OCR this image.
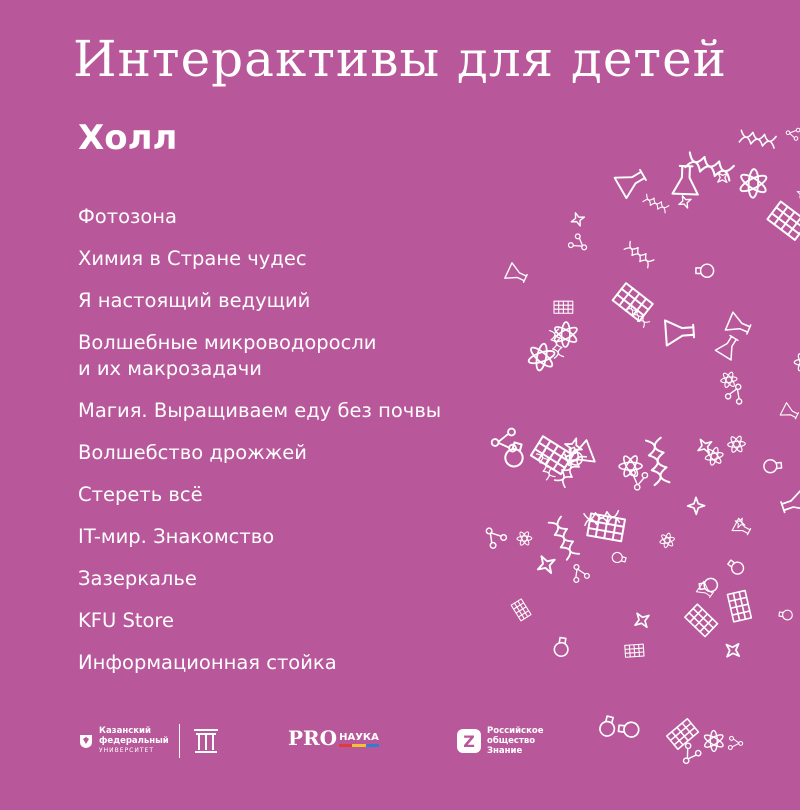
Интерактивы для детей
Холл
Фотозона
Химия в Стране чудес
Я настоящий ведущий
Волшебные микроводоросли
и их макрозадачи
Магия. Выращиваем еду без почвы
Волшебство дрожжей
Стереть всё
IT-мир. Знакомство
Зазеркалье
KFU Store
Информационная стойка
Казанский
федеральный
УНИВЕРСИТЕТ
PRO НАУКА	Z
Российское
общество
Знание
